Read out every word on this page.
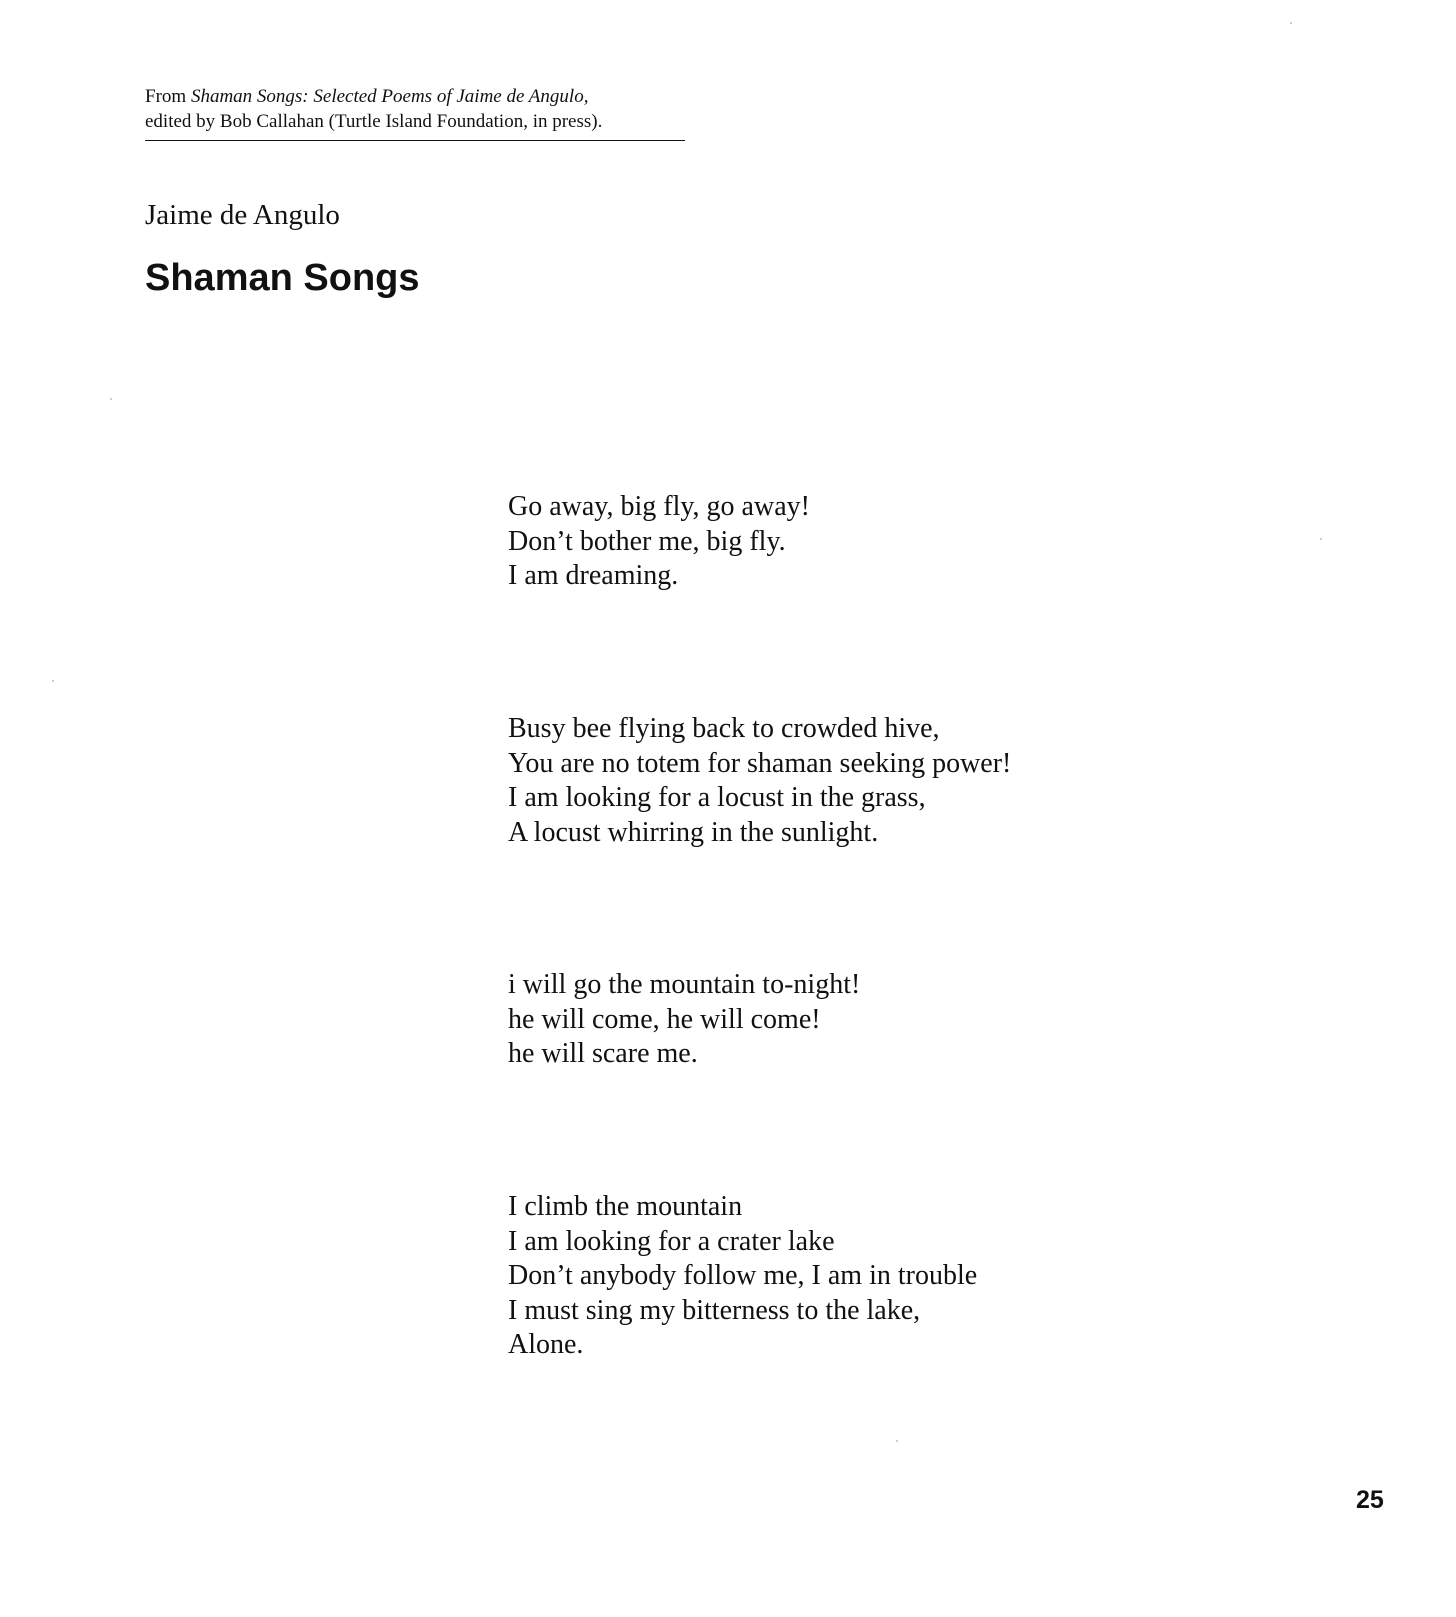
From Shaman Songs: Selected Poems of Jaime de Angulo,
edited by Bob Callahan (Turtle Island Foundation, in press).
Jaime de Angulo
Shaman Songs
Go away, big fly, go away!
Don’t bother me, big fly.
I am dreaming.
Busy bee flying back to crowded hive,
You are no totem for shaman seeking power!
I am looking for a locust in the grass,
A locust whirring in the sunlight.
i will go the mountain to-night!
he will come, he will come!
he will scare me.
I climb the mountain
I am looking for a crater lake
Don’t anybody follow me, I am in trouble
I must sing my bitterness to the lake,
Alone.
25
